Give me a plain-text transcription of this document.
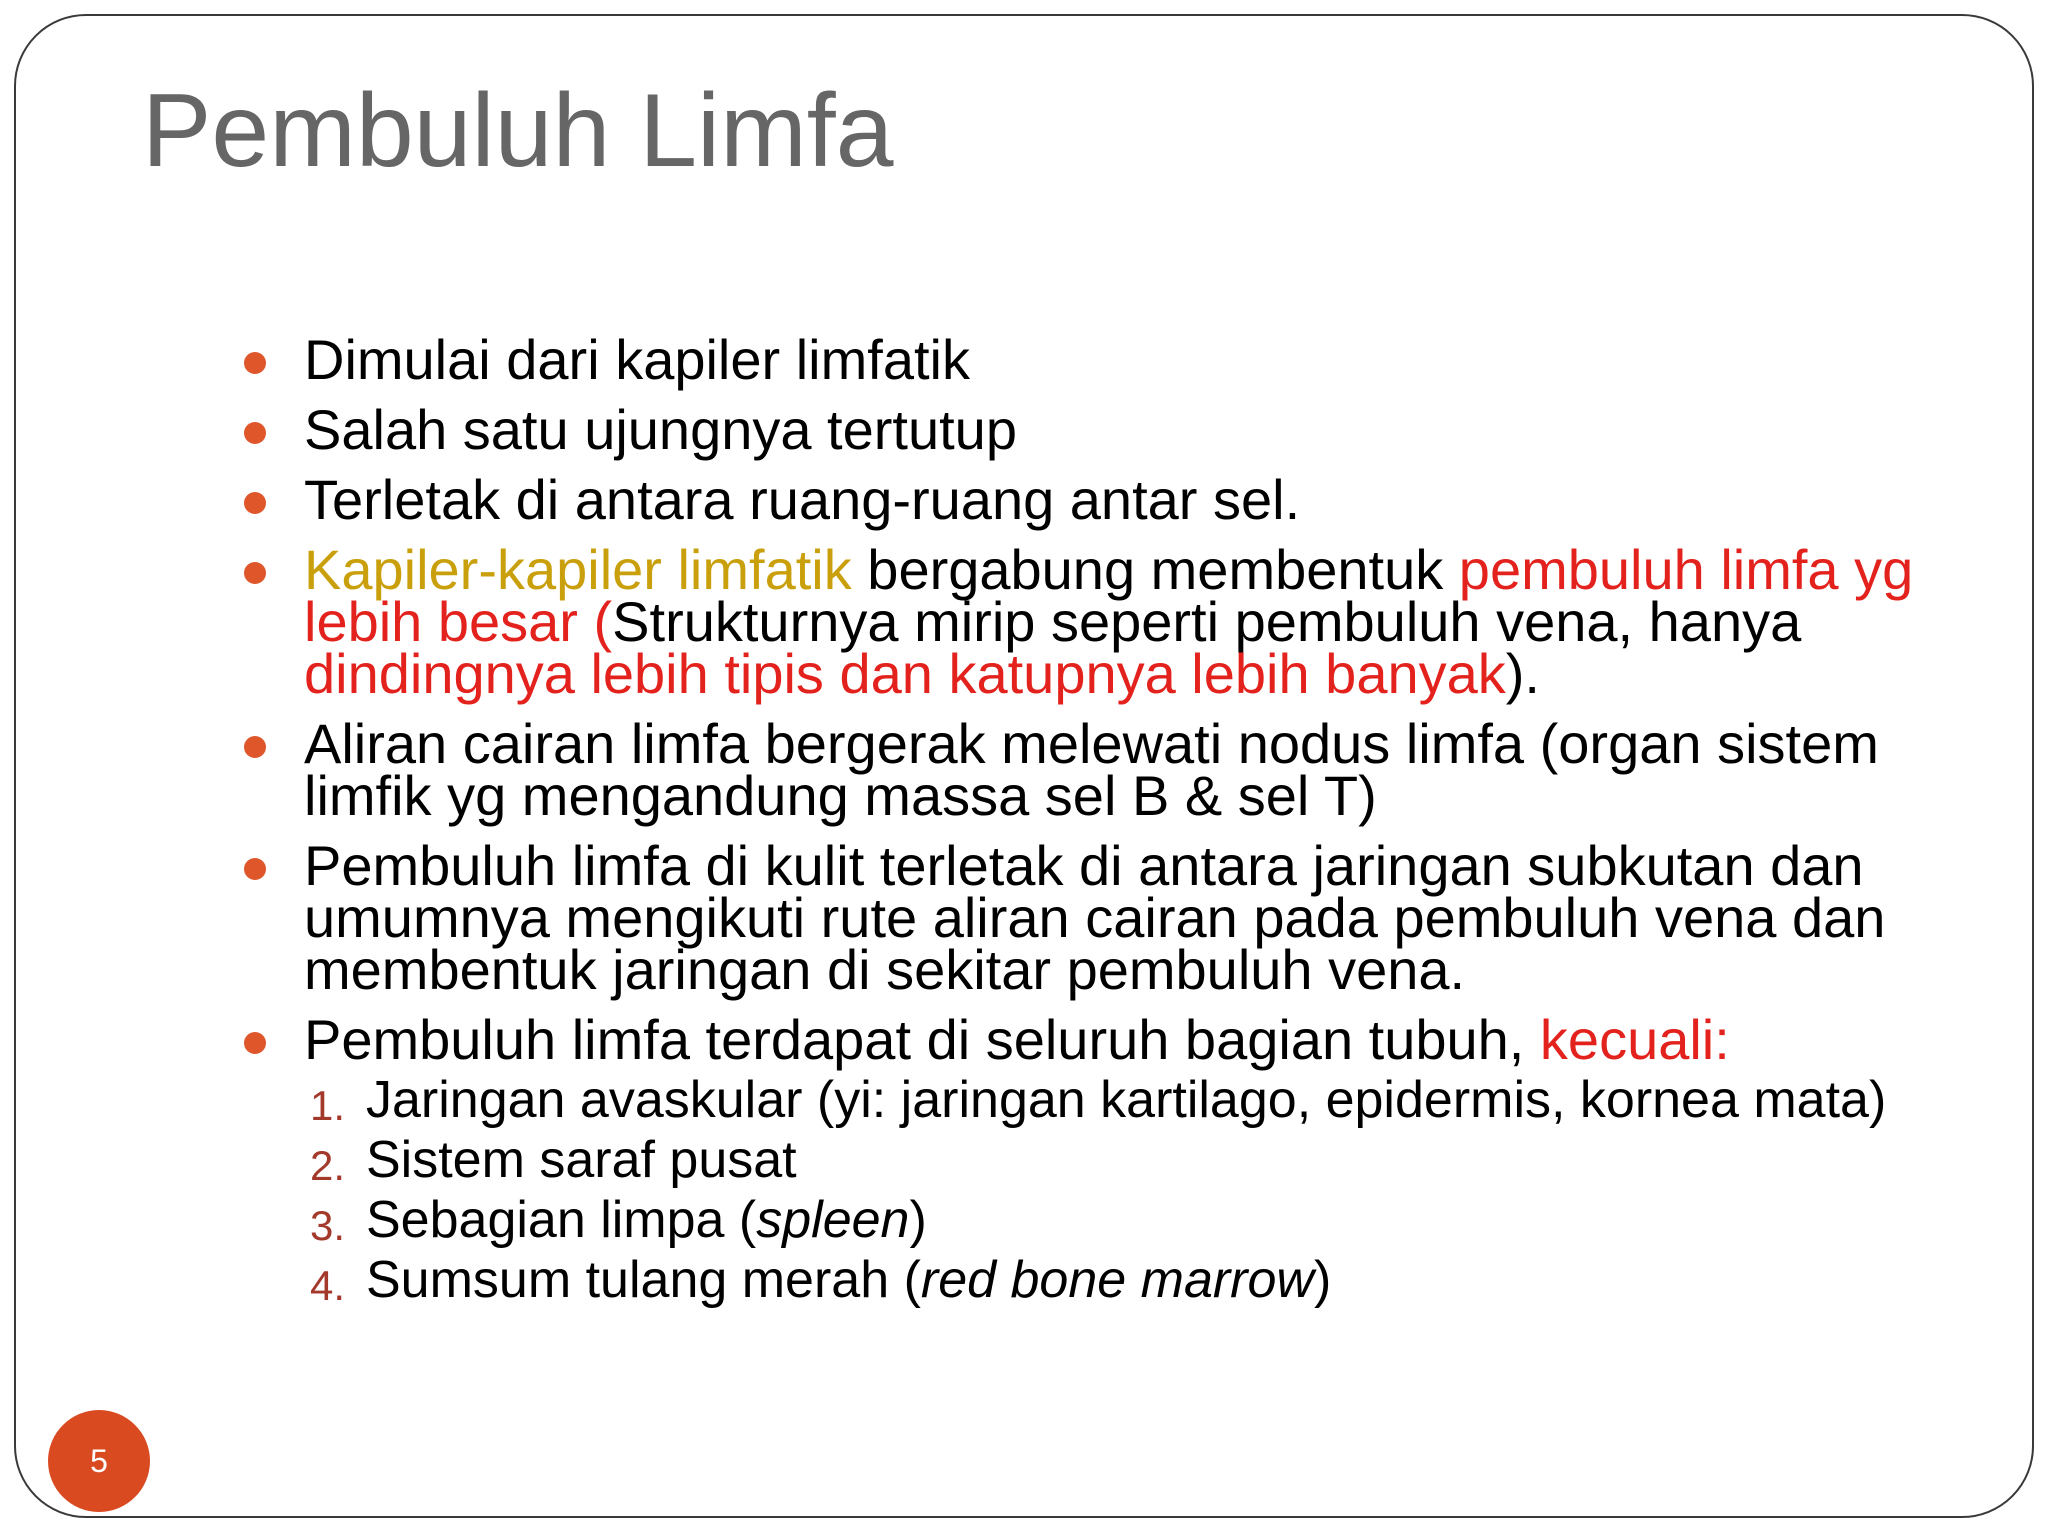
Pembuluh Limfa
Dimulai dari kapiler limfatik
Salah satu ujungnya tertutup
Terletak di antara ruang-ruang antar sel.
Kapiler-kapiler limfatik bergabung membentuk pembuluh limfa yg lebih besar (Strukturnya mirip seperti pembuluh vena, hanya dindingnya lebih tipis dan katupnya lebih banyak).
Aliran cairan limfa bergerak melewati nodus limfa (organ sistem limfik yg mengandung massa sel B & sel T)
Pembuluh limfa di kulit terletak di antara jaringan subkutan dan umumnya mengikuti rute aliran cairan pada pembuluh vena dan membentuk jaringan di sekitar pembuluh vena.
Pembuluh limfa terdapat di seluruh bagian tubuh, kecuali:
1. Jaringan avaskular (yi: jaringan kartilago, epidermis, kornea mata)
2. Sistem saraf pusat
3. Sebagian limpa (spleen)
4. Sumsum tulang merah (red bone marrow)
5
